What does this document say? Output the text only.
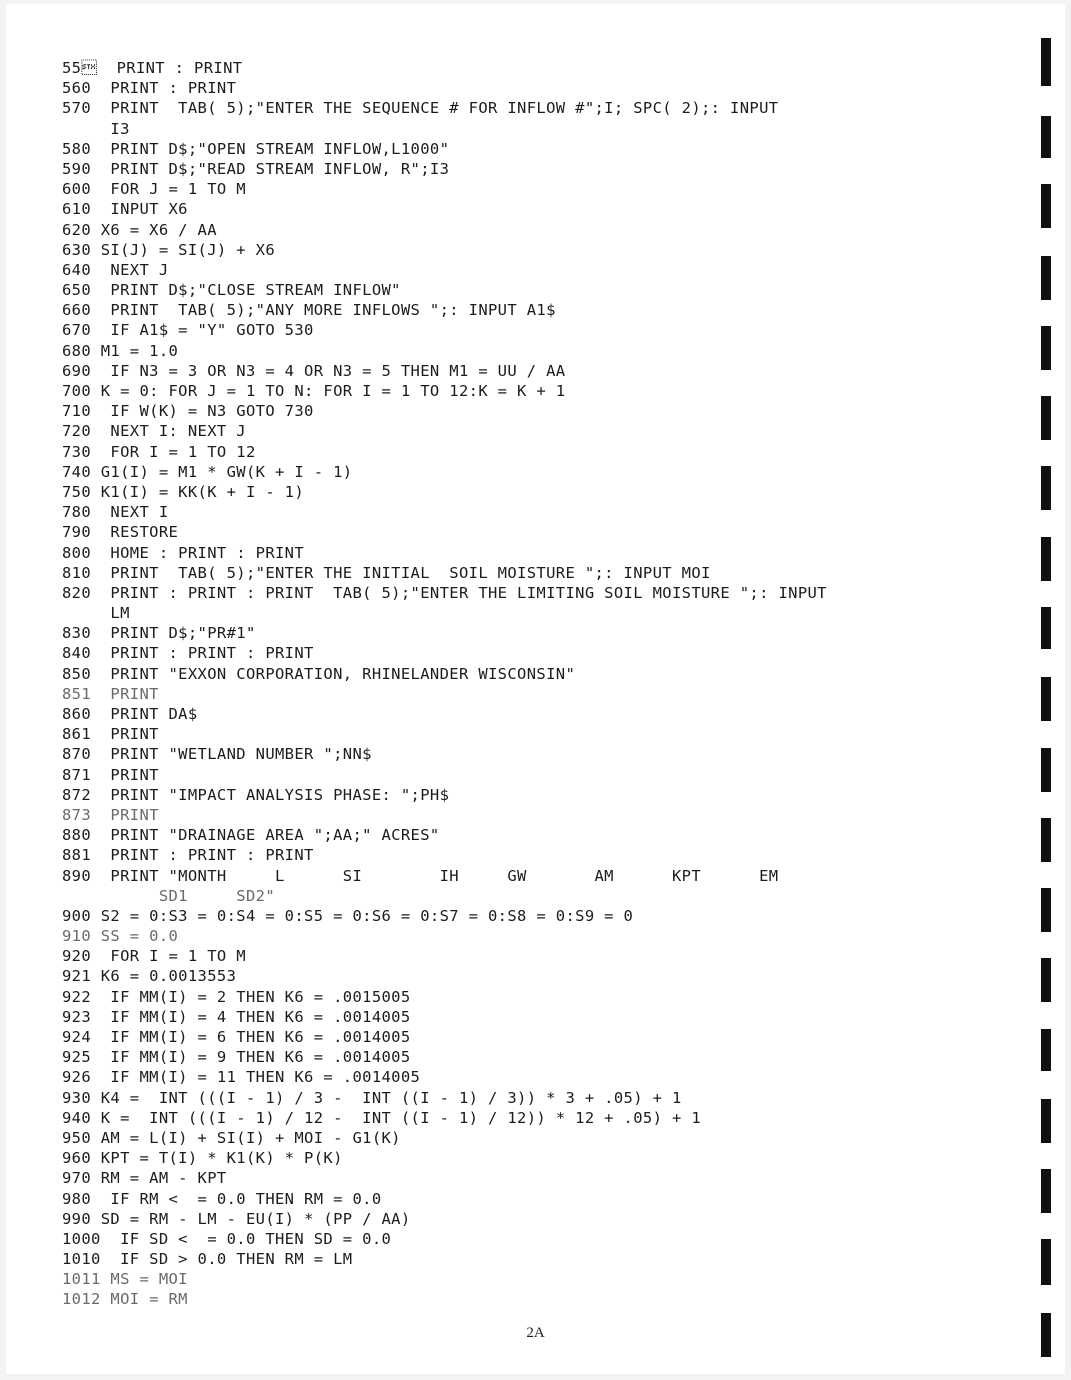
55  PRINT : PRINT
560  PRINT : PRINT
570  PRINT  TAB( 5);"ENTER THE SEQUENCE # FOR INFLOW #";I; SPC( 2);: INPUT
I3
580  PRINT D$;"OPEN STREAM INFLOW,L1000"
590  PRINT D$;"READ STREAM INFLOW, R";I3
600  FOR J = 1 TO M
610  INPUT X6
620 X6 = X6 / AA
630 SI(J) = SI(J) + X6
640  NEXT J
650  PRINT D$;"CLOSE STREAM INFLOW"
660  PRINT  TAB( 5);"ANY MORE INFLOWS ";: INPUT A1$
670  IF A1$ = "Y" GOTO 530
680 M1 = 1.0
690  IF N3 = 3 OR N3 = 4 OR N3 = 5 THEN M1 = UU / AA
700 K = 0: FOR J = 1 TO N: FOR I = 1 TO 12:K = K + 1
710  IF W(K) = N3 GOTO 730
720  NEXT I: NEXT J
730  FOR I = 1 TO 12
740 G1(I) = M1 * GW(K + I - 1)
750 K1(I) = KK(K + I - 1)
780  NEXT I
790  RESTORE
800  HOME : PRINT : PRINT
810  PRINT  TAB( 5);"ENTER THE INITIAL  SOIL MOISTURE ";: INPUT MOI
820  PRINT : PRINT : PRINT  TAB( 5);"ENTER THE LIMITING SOIL MOISTURE ";: INPUT
LM
830  PRINT D$;"PR#1"
840  PRINT : PRINT : PRINT
850  PRINT "EXXON CORPORATION, RHINELANDER WISCONSIN"
851  PRINT
860  PRINT DA$
861  PRINT
870  PRINT "WETLAND NUMBER ";NN$
871  PRINT
872  PRINT "IMPACT ANALYSIS PHASE: ";PH$
873  PRINT
880  PRINT "DRAINAGE AREA ";AA;" ACRES"
881  PRINT : PRINT : PRINT
890  PRINT "MONTH     L      SI        IH     GW       AM      KPT      EM
SD1     SD2"
900 S2 = 0:S3 = 0:S4 = 0:S5 = 0:S6 = 0:S7 = 0:S8 = 0:S9 = 0
910 SS = 0.0
920  FOR I = 1 TO M
921 K6 = 0.0013553
922  IF MM(I) = 2 THEN K6 = .0015005
923  IF MM(I) = 4 THEN K6 = .0014005
924  IF MM(I) = 6 THEN K6 = .0014005
925  IF MM(I) = 9 THEN K6 = .0014005
926  IF MM(I) = 11 THEN K6 = .0014005
930 K4 =  INT (((I - 1) / 3 -  INT ((I - 1) / 3)) * 3 + .05) + 1
940 K =  INT (((I - 1) / 12 -  INT ((I - 1) / 12)) * 12 + .05) + 1
950 AM = L(I) + SI(I) + MOI - G1(K)
960 KPT = T(I) * K1(K) * P(K)
970 RM = AM - KPT
980  IF RM <  = 0.0 THEN RM = 0.0
990 SD = RM - LM - EU(I) * (PP / AA)
1000  IF SD <  = 0.0 THEN SD = 0.0
1010  IF SD > 0.0 THEN RM = LM
1011 MS = MOI
1012 MOI = RM
2A
